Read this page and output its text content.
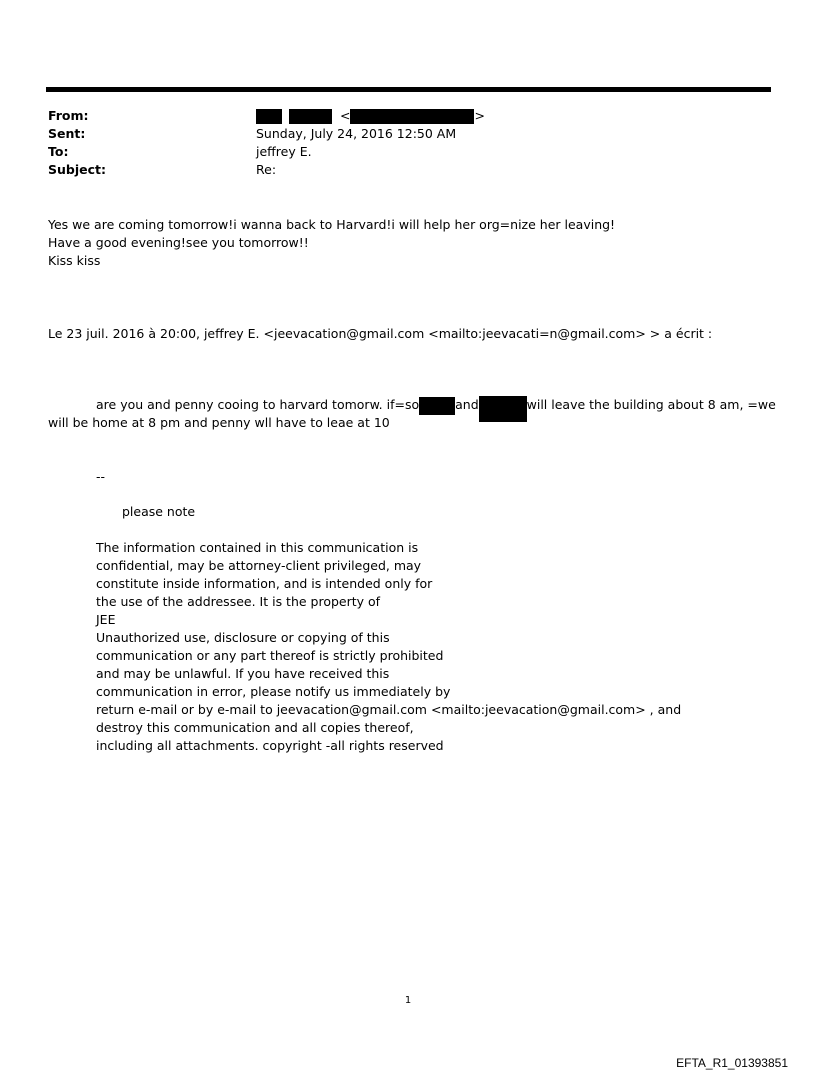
From:	<	>
Sent:	Sunday, July 24, 2016 12:50 AM
To:	jeffrey E.
Subject:	Re:
Yes we are coming tomorrow!i wanna back to Harvard!i will help her org=nize her leaving!
Have a good evening!see you tomorrow!!
Kiss kiss
Le 23 juil. 2016 à 20:00, jeffrey E. <jeevacation@gmail.com <mailto:jeevacati=n@gmail.com> > a écrit :
are you and penny cooing to harvard tomorw. if=so	and	will leave the building about 8 am, =we
will be home at 8 pm and penny wll have to leae at 10
--
please note
The information contained in this communication is
confidential, may be attorney-client privileged, may
constitute inside information, and is intended only for
the use of the addressee. It is the property of
JEE
Unauthorized use, disclosure or copying of this
communication or any part thereof is strictly prohibited
and may be unlawful. If you have received this
communication in error, please notify us immediately by
return e-mail or by e-mail to jeevacation@gmail.com <mailto:jeevacation@gmail.com> , and
destroy this communication and all copies thereof,
including all attachments. copyright -all rights reserved
1
EFTA_R1_01393851
